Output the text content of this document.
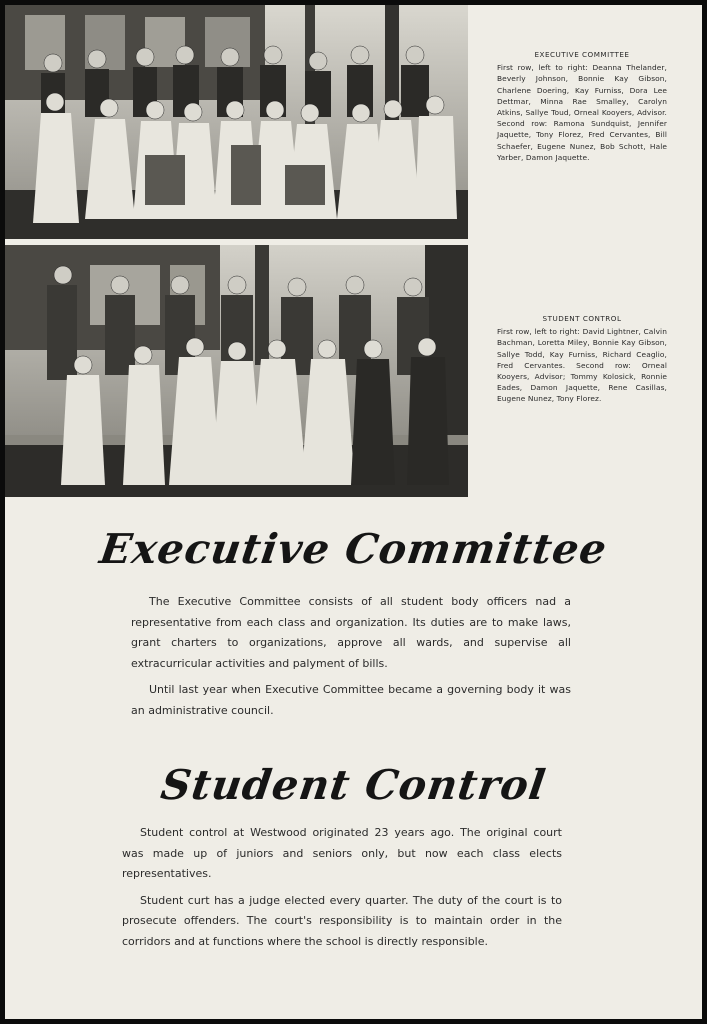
EXECUTIVE COMMITTEE
First row, left to right: Deanna Thelander, Beverly Johnson, Bonnie Kay Gibson, Charlene Doering, Kay Furniss, Dora Lee Dettmar, Minna Rae Smalley, Carolyn Atkins, Sallye Toud, Orneal Kooyers, Advisor. Second row: Ramona Sundquist, Jennifer Jaquette, Tony Florez, Fred Cervantes, Bill Schaefer, Eugene Nunez, Bob Schott, Hale Yarber, Damon Jaquette.
STUDENT CONTROL
First row, left to right: David Lightner, Calvin Bachman, Loretta Miley, Bonnie Kay Gibson, Sallye Todd, Kay Furniss, Richard Ceaglio, Fred Cervantes. Second row: Orneal Kooyers, Advisor; Tommy Kolosick, Ronnie Eades, Damon Jaquette, Rene Casillas, Eugene Nunez, Tony Florez.
Executive Committee

The Executive Committee consists of all student body officers nad a representative from each class and organization. Its duties are to make laws, grant charters to organizations, approve all wards, and supervise all extracurricular activities and palyment of bills.

Until last year when Executive Committee became a governing body it was an administrative council.

Student Control

Student control at Westwood originated 23 years ago. The original court was made up of juniors and seniors only, but now each class elects representatives.

Student curt has a judge elected every quarter. The duty of the court is to prosecute offenders. The court's responsibility is to maintain order in the corridors and at functions where the school is directly responsible.
